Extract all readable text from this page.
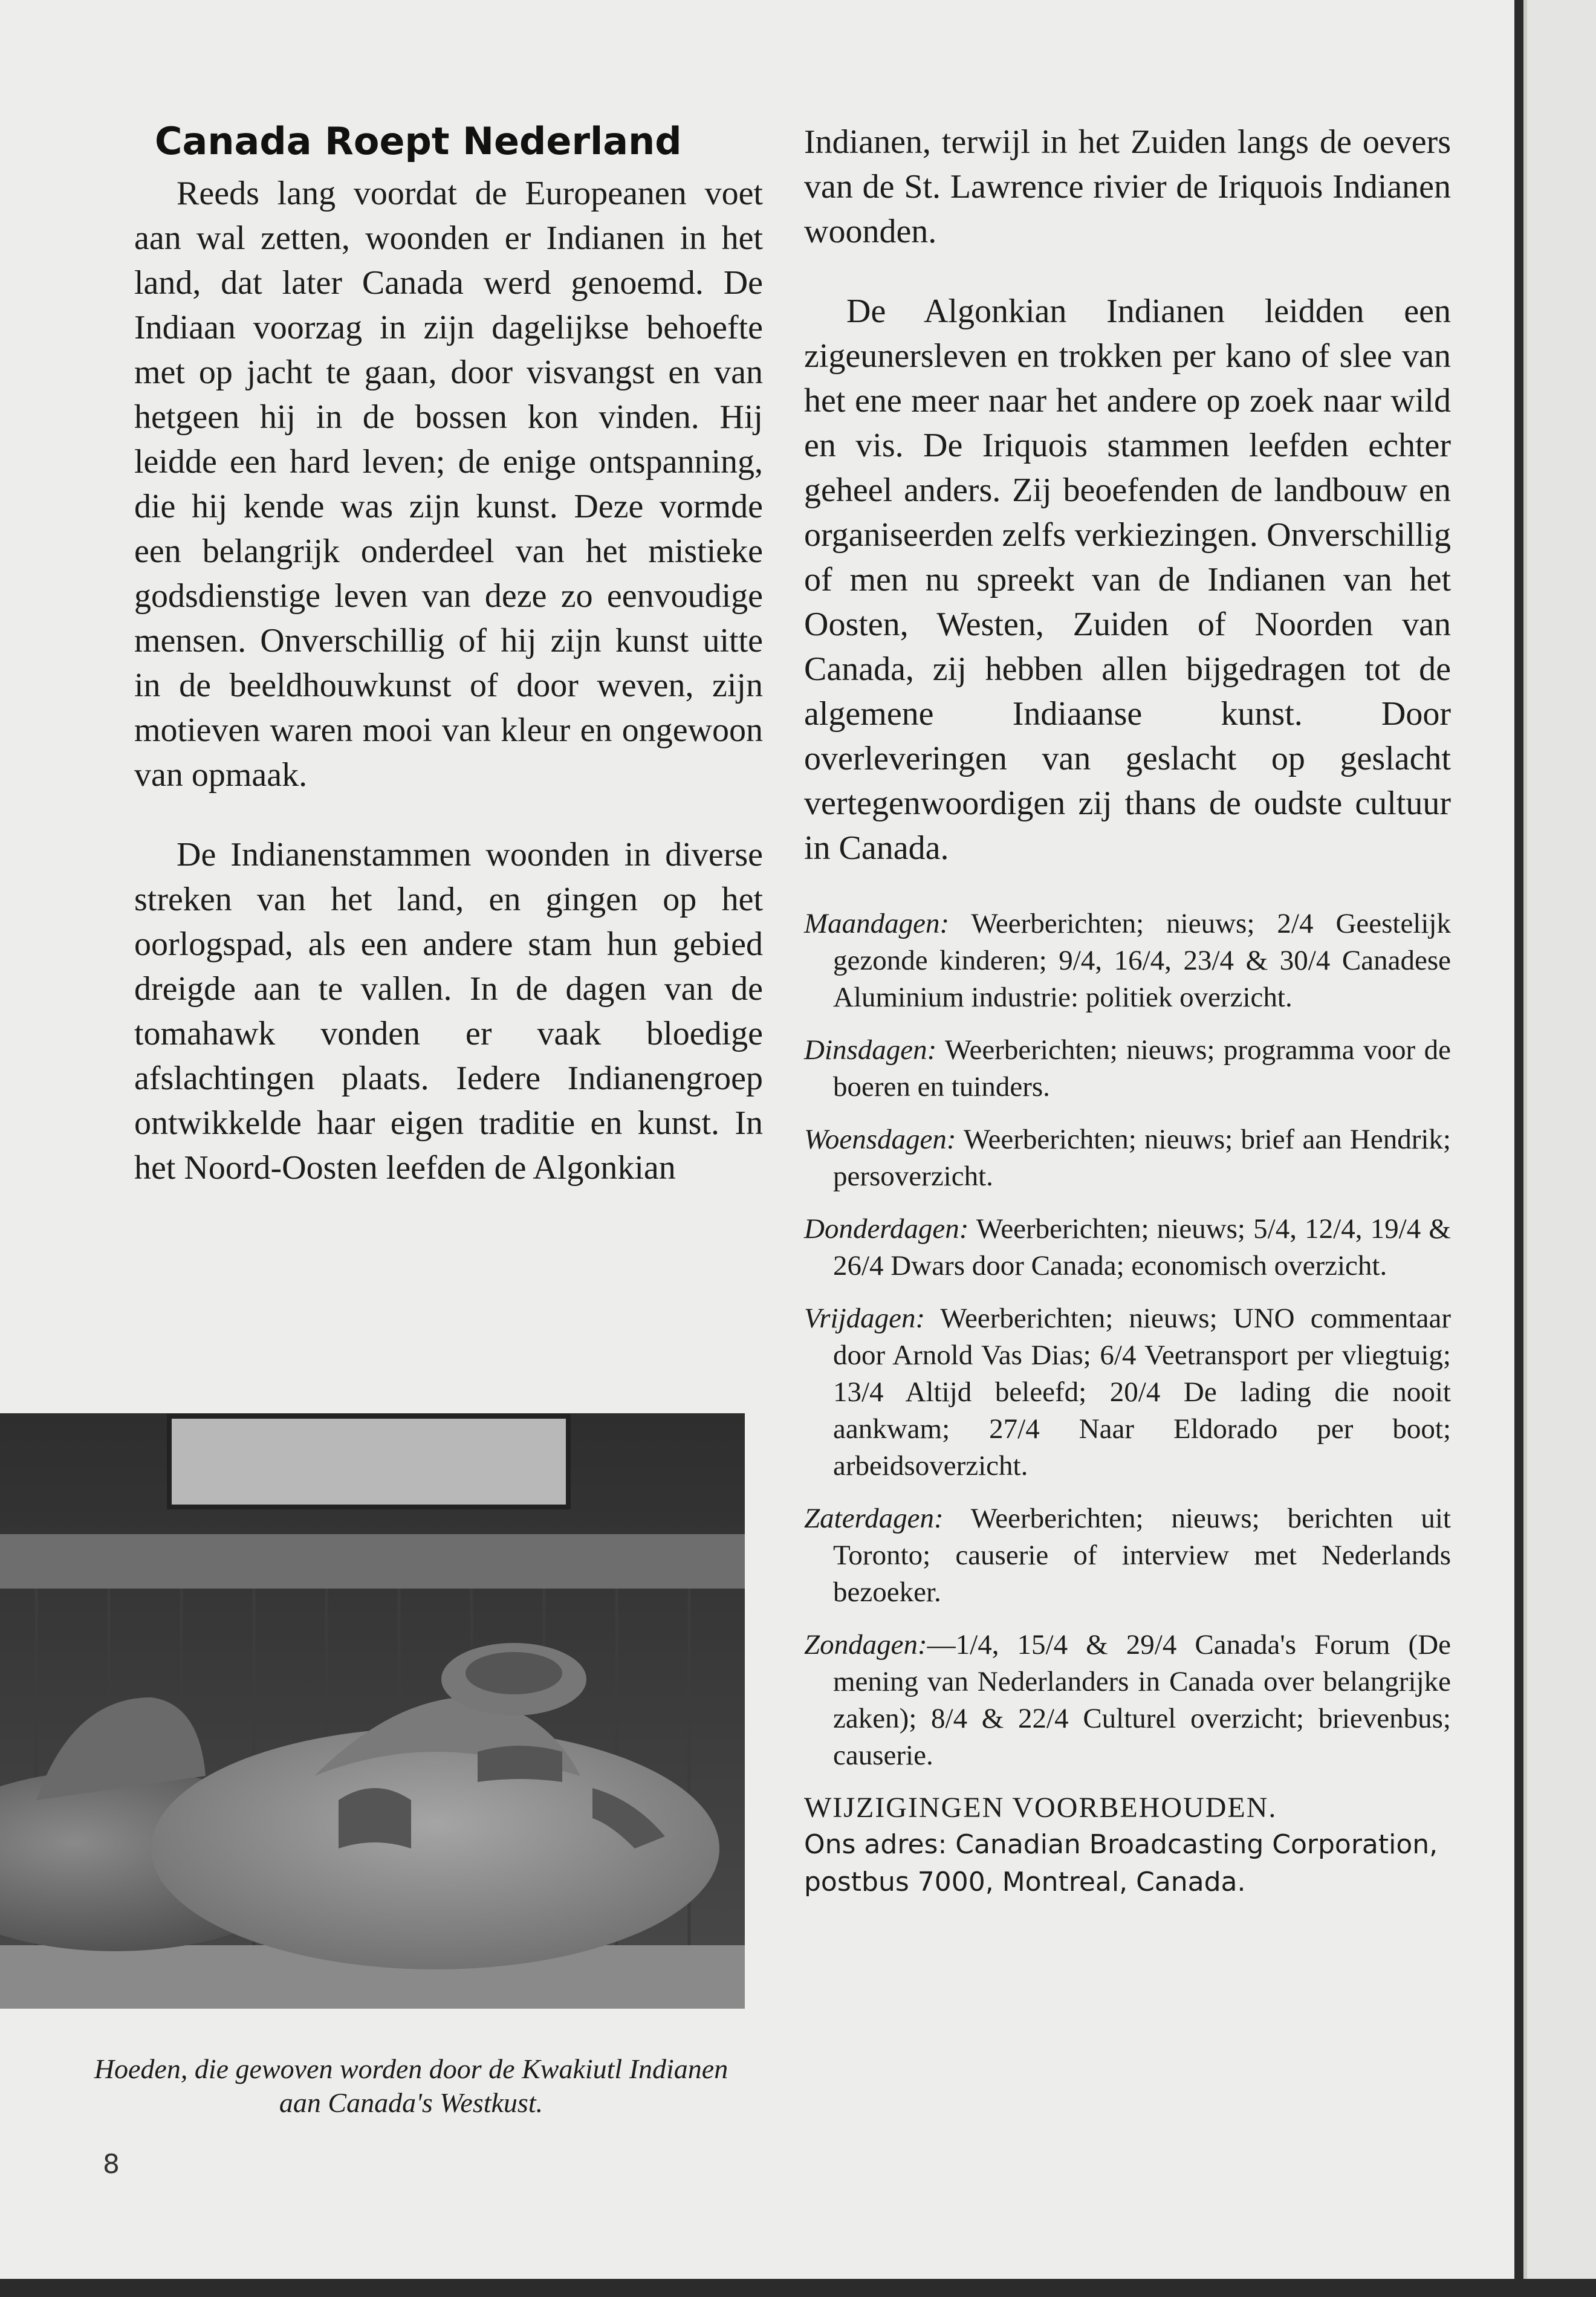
Canada Roept Nederland

Reeds lang voordat de Europeanen voet aan wal zetten, woonden er Indianen in het land, dat later Canada werd genoemd. De Indiaan voorzag in zijn dagelijkse behoefte met op jacht te gaan, door visvangst en van hetgeen hij in de bossen kon vinden. Hij leidde een hard leven; de enige ontspanning, die hij kende was zijn kunst. Deze vormde een belangrijk onderdeel van het mistieke godsdienstige leven van deze zo eenvoudige mensen. Onverschillig of hij zijn kunst uitte in de beeldhouwkunst of door weven, zijn motieven waren mooi van kleur en ongewoon van opmaak.

De Indianenstammen woonden in diverse streken van het land, en gingen op het oorlogspad, als een andere stam hun gebied dreigde aan te vallen. In de dagen van de tomahawk vonden er vaak bloedige afslachtingen plaats. Iedere Indianengroep ontwikkelde haar eigen traditie en kunst. In het Noord-Oosten leefden de Algonkian

Indianen, terwijl in het Zuiden langs de oevers van de St. Lawrence rivier de Iriquois Indianen woonden.

De Algonkian Indianen leidden een zigeunersleven en trokken per kano of slee van het ene meer naar het andere op zoek naar wild en vis. De Iriquois stammen leefden echter geheel anders. Zij beoefenden de landbouw en organiseerden zelfs verkiezingen. Onverschillig of men nu spreekt van de Indianen van het Oosten, Westen, Zuiden of Noorden van Canada, zij hebben allen bijgedragen tot de algemene Indiaanse kunst. Door overleveringen van geslacht op geslacht vertegenwoordigen zij thans de oudste cultuur in Canada.

Maandagen: Weerberichten; nieuws; 2/4 Geestelijk gezonde kinderen; 9/4, 16/4, 23/4 & 30/4 Canadese Aluminium industrie: politiek overzicht.

Dinsdagen: Weerberichten; nieuws; programma voor de boeren en tuinders.

Woensdagen: Weerberichten; nieuws; brief aan Hendrik; persoverzicht.

Donderdagen: Weerberichten; nieuws; 5/4, 12/4, 19/4 & 26/4 Dwars door Canada; economisch overzicht.

Vrijdagen: Weerberichten; nieuws; UNO commentaar door Arnold Vas Dias; 6/4 Veetransport per vliegtuig; 13/4 Altijd beleefd; 20/4 De lading die nooit aankwam; 27/4 Naar Eldorado per boot; arbeidsoverzicht.

Zaterdagen: Weerberichten; nieuws; berichten uit Toronto; causerie of interview met Nederlands bezoeker.

Zondagen:—1/4, 15/4 & 29/4 Canada's Forum (De mening van Nederlanders in Canada over belangrijke zaken); 8/4 & 22/4 Culturel overzicht; brievenbus; causerie.

WIJZIGINGEN VOORBEHOUDEN.
Ons adres: Canadian Broadcasting Corporation, postbus 7000, Montreal, Canada.
Hoeden, die gewoven worden door de Kwakiutl Indianen aan Canada's Westkust.
8
